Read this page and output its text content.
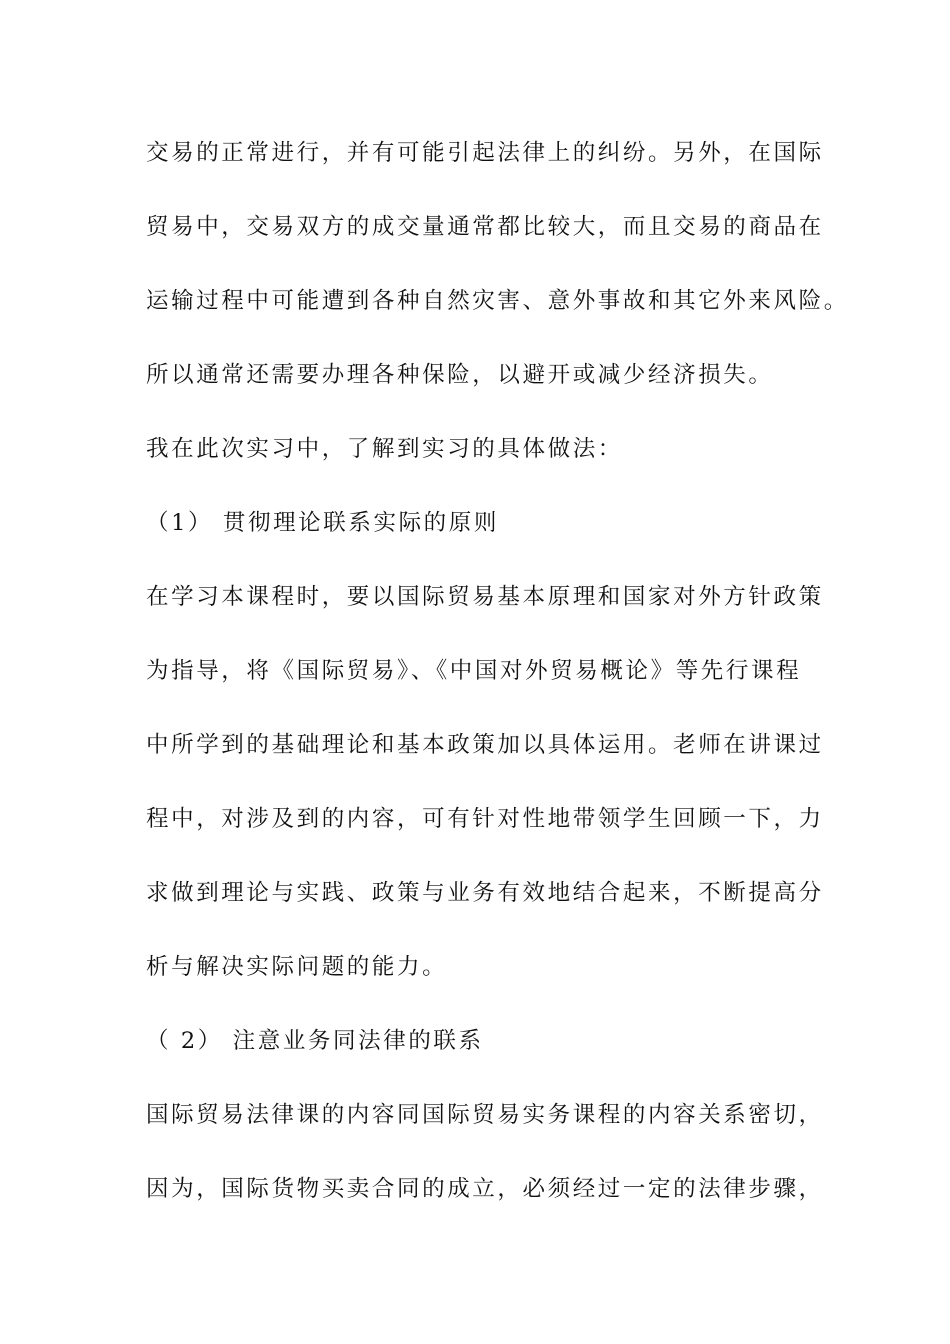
交易的正常进行，并有可能引起法律上的纠纷。另外，在国际
贸易中，交易双方的成交量通常都比较大，而且交易的商品在
运输过程中可能遭到各种自然灾害、意外事故和其它外来风险。
所以通常还需要办理各种保险，以避开或减少经济损失。
我在此次实习中，了解到实习的具体做法：
（1） 贯彻理论联系实际的原则
在学习本课程时，要以国际贸易基本原理和国家对外方针政策
为指导，将《国际贸易》、《中国对外贸易概论》等先行课程
中所学到的基础理论和基本政策加以具体运用。老师在讲课过
程中，对涉及到的内容，可有针对性地带领学生回顾一下，力
求做到理论与实践、政策与业务有效地结合起来，不断提高分
析与解决实际问题的能力。
（ 2） 注意业务同法律的联系
国际贸易法律课的内容同国际贸易实务课程的内容关系密切，
因为，国际货物买卖合同的成立，必须经过一定的法律步骤，
